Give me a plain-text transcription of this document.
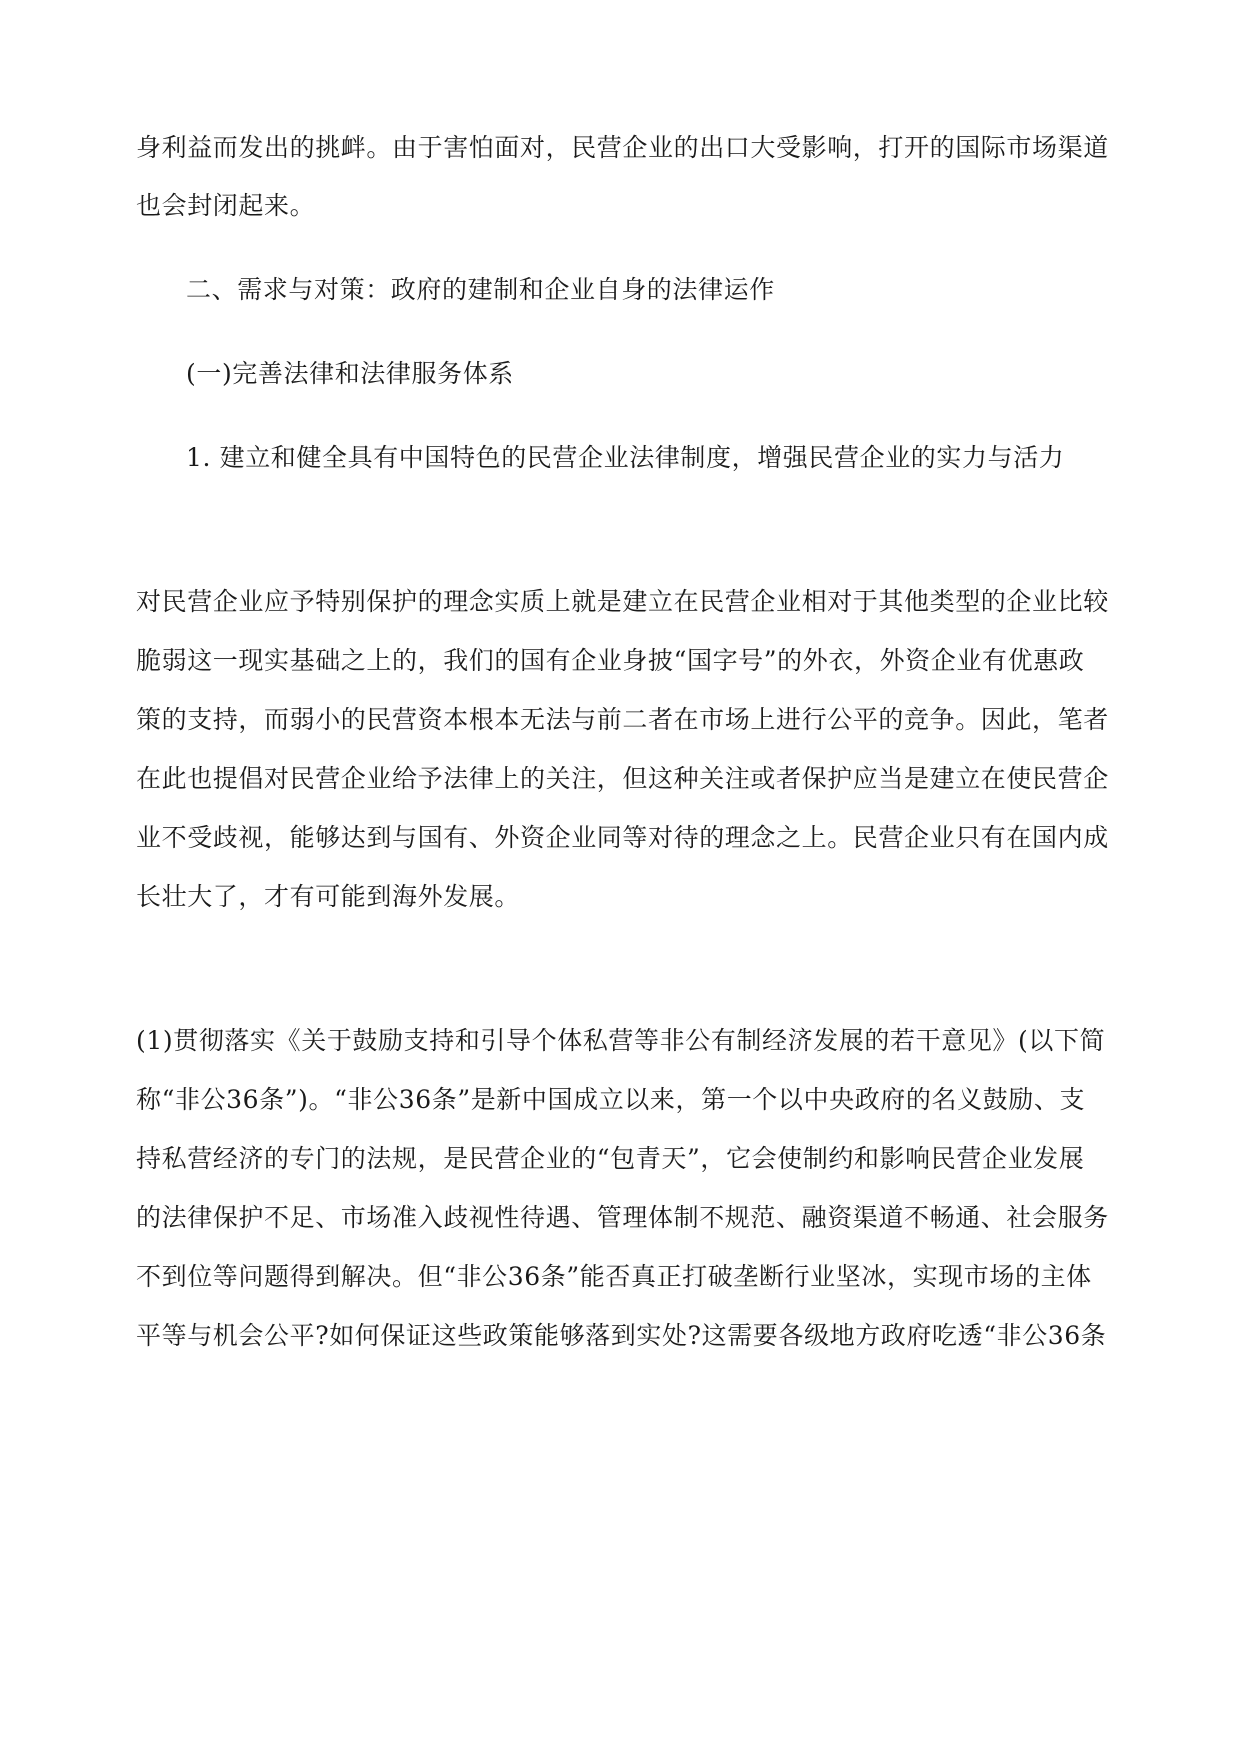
身利益而发出的挑衅。由于害怕面对，民营企业的出口大受影响，打开的国际市场渠道
也会封闭起来。
二、需求与对策：政府的建制和企业自身的法律运作
(一)完善法律和法律服务体系
1. 建立和健全具有中国特色的民营企业法律制度，增强民营企业的实力与活力
对民营企业应予特别保护的理念实质上就是建立在民营企业相对于其他类型的企业比较
脆弱这一现实基础之上的，我们的国有企业身披“国字号”的外衣，外资企业有优惠政
策的支持，而弱小的民营资本根本无法与前二者在市场上进行公平的竞争。因此，笔者
在此也提倡对民营企业给予法律上的关注，但这种关注或者保护应当是建立在使民营企
业不受歧视，能够达到与国有、外资企业同等对待的理念之上。民营企业只有在国内成
长壮大了，才有可能到海外发展。
(1)贯彻落实《关于鼓励支持和引导个体私营等非公有制经济发展的若干意见》(以下简
称“非公36条”)。“非公36条”是新中国成立以来，第一个以中央政府的名义鼓励、支
持私营经济的专门的法规，是民营企业的“包青天”，它会使制约和影响民营企业发展
的法律保护不足、市场准入歧视性待遇、管理体制不规范、融资渠道不畅通、社会服务
不到位等问题得到解决。但“非公36条”能否真正打破垄断行业坚冰，实现市场的主体
平等与机会公平?如何保证这些政策能够落到实处?这需要各级地方政府吃透“非公36条
